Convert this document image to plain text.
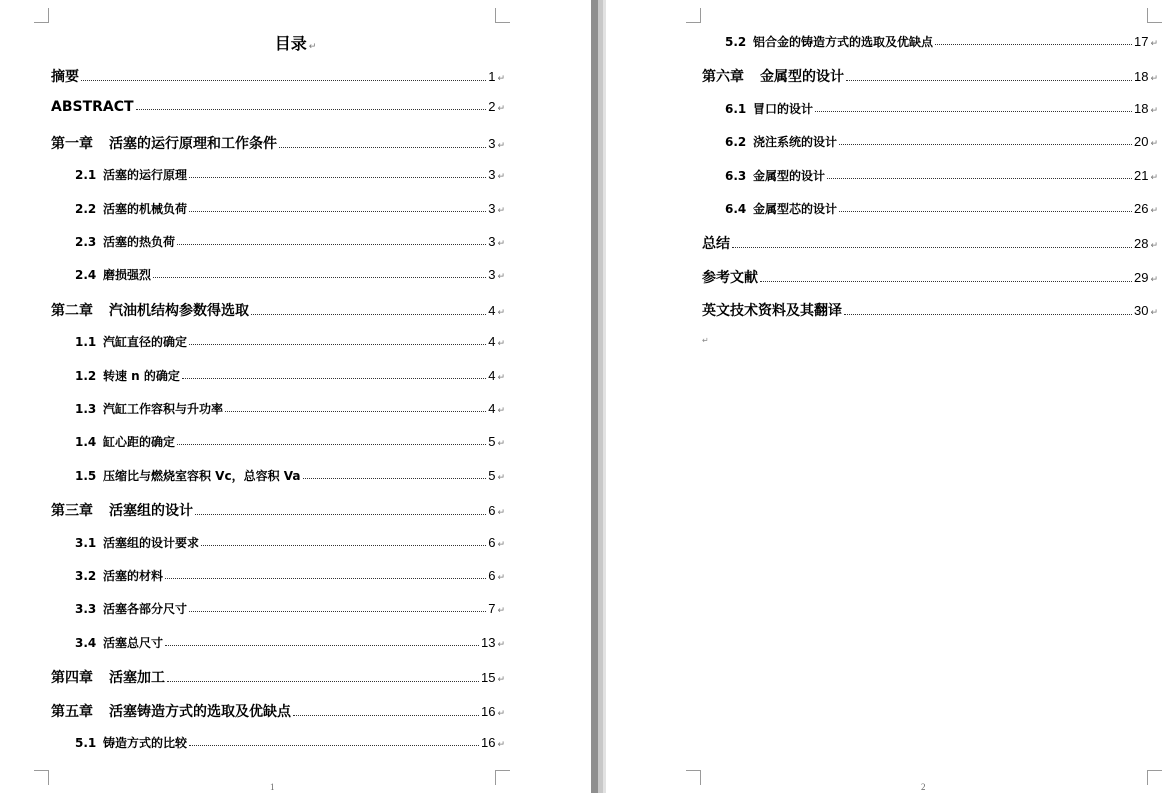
目录 ↵
摘要	1 ↵
ABSTRACT	2 ↵
第一章 活塞的运行原理和工作条件	3 ↵
2.1 活塞的运行原理	3 ↵
2.2 活塞的机械负荷	3 ↵
2.3 活塞的热负荷	3 ↵
2.4 磨损强烈	3 ↵
第二章 汽油机结构参数得选取	4 ↵
1.1 汽缸直径的确定	4 ↵
1.2 转速 n 的确定	4 ↵
1.3 汽缸工作容积与升功率	4 ↵
1.4 缸心距的确定	5 ↵
1.5 压缩比与燃烧室容积 Vc，总容积 Va	5 ↵
第三章 活塞组的设计	6 ↵
3.1 活塞组的设计要求	6 ↵
3.2 活塞的材料	6 ↵
3.3 活塞各部分尺寸	7 ↵
3.4 活塞总尺寸	13 ↵
第四章 活塞加工	15 ↵
第五章 活塞铸造方式的选取及优缺点	16 ↵
5.1 铸造方式的比较	16 ↵
1
5.2 铝合金的铸造方式的选取及优缺点	17 ↵
第六章 金属型的设计	18 ↵
6.1 冒口的设计	18 ↵
6.2 浇注系统的设计	20 ↵
6.3 金属型的设计	21 ↵
6.4 金属型芯的设计	26 ↵
总结	28 ↵
参考文献	29 ↵
英文技术资料及其翻译	30 ↵
↵
2
